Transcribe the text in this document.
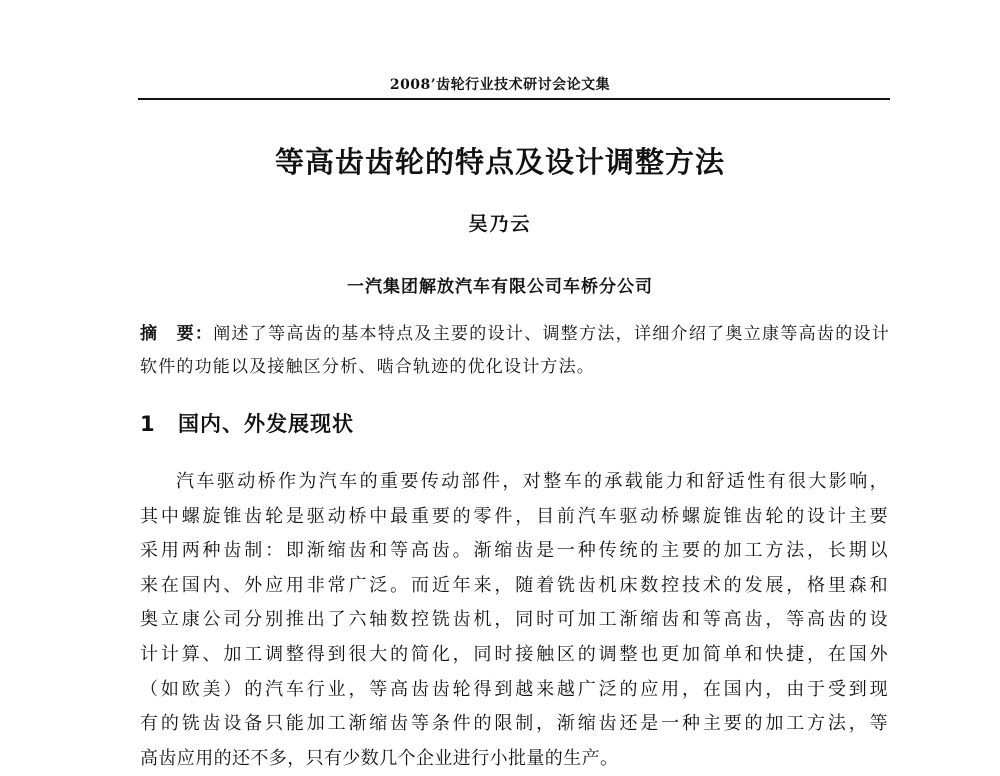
2008’齿轮行业技术研讨会论文集
等高齿齿轮的特点及设计调整方法
吴乃云
一汽集团解放汽车有限公司车桥分公司
摘　要：阐述了等高齿的基本特点及主要的设计、调整方法，详细介绍了奥立康等高齿的设计软件的功能以及接触区分析、啮合轨迹的优化设计方法。
1 国内、外发展现状
汽车驱动桥作为汽车的重要传动部件，对整车的承载能力和舒适性有很大影响，
其中螺旋锥齿轮是驱动桥中最重要的零件，目前汽车驱动桥螺旋锥齿轮的设计主要
采用两种齿制：即渐缩齿和等高齿。渐缩齿是一种传统的主要的加工方法，长期以
来在国内、外应用非常广泛。而近年来，随着铣齿机床数控技术的发展，格里森和
奥立康公司分别推出了六轴数控铣齿机，同时可加工渐缩齿和等高齿，等高齿的设
计计算、加工调整得到很大的简化，同时接触区的调整也更加简单和快捷，在国外
（如欧美）的汽车行业，等高齿齿轮得到越来越广泛的应用，在国内，由于受到现
有的铣齿设备只能加工渐缩齿等条件的限制，渐缩齿还是一种主要的加工方法，等
高齿应用的还不多，只有少数几个企业进行小批量的生产。
